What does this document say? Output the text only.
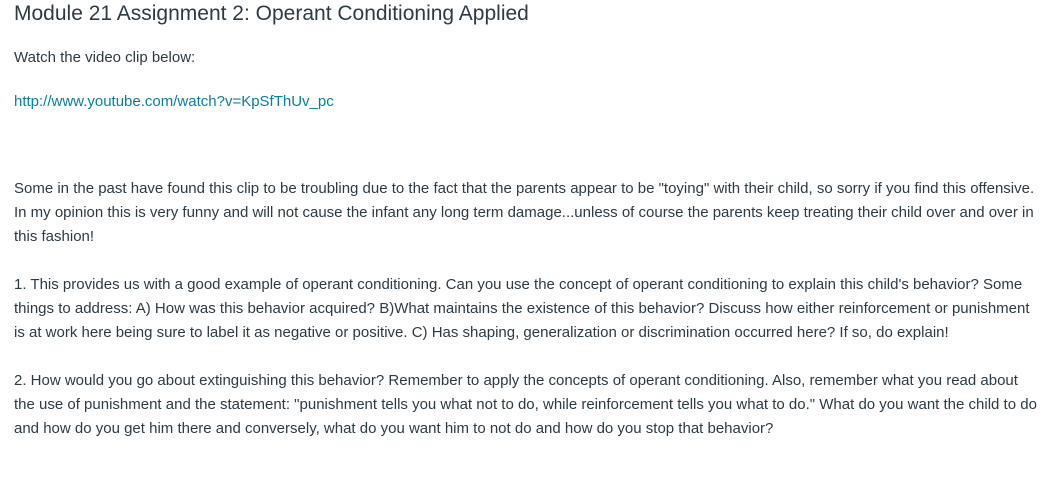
Module 21 Assignment 2: Operant Conditioning Applied

Watch the video clip below:

http://www.youtube.com/watch?v=KpSfThUv_pc

Some in the past have found this clip to be troubling due to the fact that the parents appear to be "toying" with their child, so sorry if you find this offensive. In my opinion this is very funny and will not cause the infant any long term damage...unless of course the parents keep treating their child over and over in this fashion!

1. This provides us with a good example of operant conditioning. Can you use the concept of operant conditioning to explain this child's behavior? Some things to address: A) How was this behavior acquired? B)What maintains the existence of this behavior? Discuss how either reinforcement or punishment is at work here being sure to label it as negative or positive. C) Has shaping, generalization or discrimination occurred here? If so, do explain!

2. How would you go about extinguishing this behavior? Remember to apply the concepts of operant conditioning. Also, remember what you read about the use of punishment and the statement: "punishment tells you what not to do, while reinforcement tells you what to do." What do you want the child to do and how do you get him there and conversely, what do you want him to not do and how do you stop that behavior?
